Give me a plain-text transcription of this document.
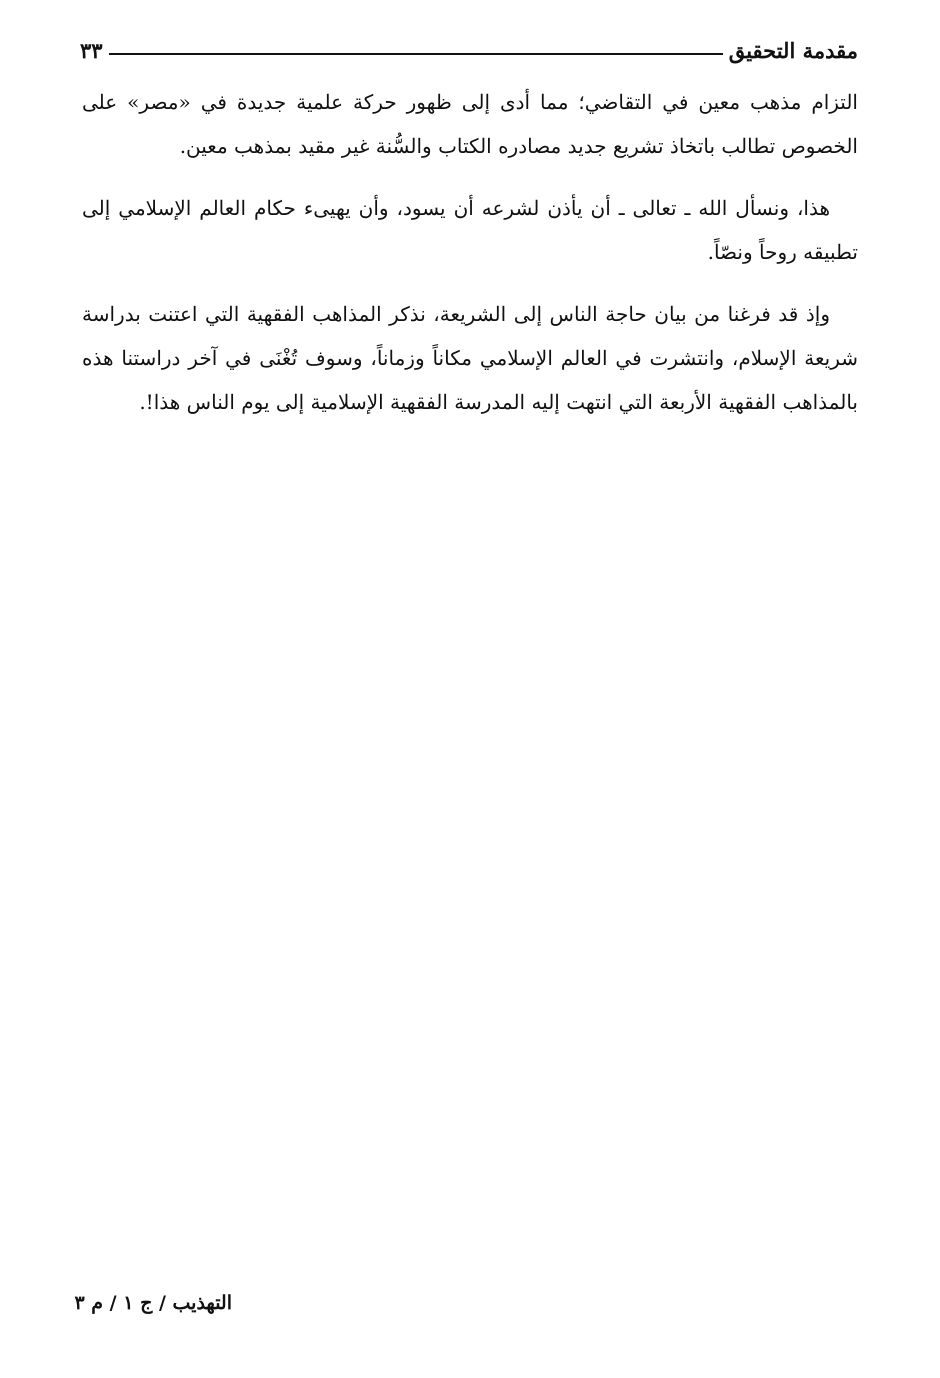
مقدمة التحقيق
٣٣

التزام مذهب معين في التقاضي؛ مما أدى إلى ظهور حركة علمية جديدة في «مصر» على الخصوص تطالب باتخاذ تشريع جديد مصادره الكتاب والسُّنة غير مقيد بمذهب معين.

هذا، ونسأل الله ـ تعالى ـ أن يأذن لشرعه أن يسود، وأن يهيىء حكام العالم الإسلامي إلى تطبيقه روحاً ونصّاً.

وإذ قد فرغنا من بيان حاجة الناس إلى الشريعة، نذكر المذاهب الفقهية التي اعتنت بدراسة شريعة الإسلام، وانتشرت في العالم الإسلامي مكاناً وزماناً، وسوف تُغْنَى في آخر دراستنا هذه بالمذاهب الفقهية الأربعة التي انتهت إليه المدرسة الفقهية الإسلامية إلى يوم الناس هذا!.

التهذيب / ج ١ / م ٣
